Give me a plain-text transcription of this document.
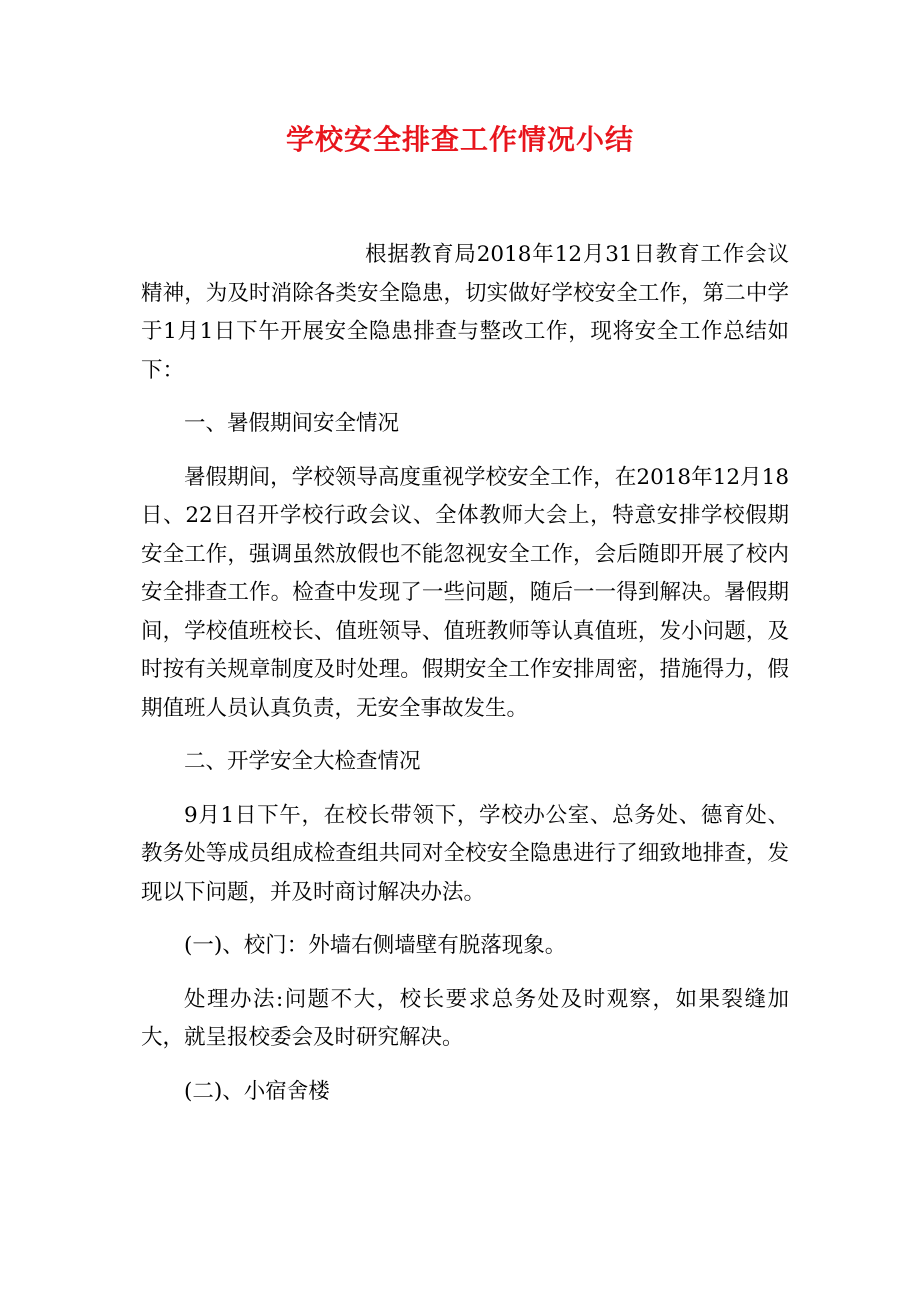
学校安全排查工作情况小结

根据教育局2018年12月31日教育工作会议精神，为及时消除各类安全隐患，切实做好学校安全工作，第二中学于1月1日下午开展安全隐患排查与整改工作，现将安全工作总结如下：

一、暑假期间安全情况

暑假期间，学校领导高度重视学校安全工作，在2018年12月18日、22日召开学校行政会议、全体教师大会上，特意安排学校假期安全工作，强调虽然放假也不能忽视安全工作，会后随即开展了校内安全排查工作。检查中发现了一些问题，随后一一得到解决。暑假期间，学校值班校长、值班领导、值班教师等认真值班，发小问题，及时按有关规章制度及时处理。假期安全工作安排周密，措施得力，假期值班人员认真负责，无安全事故发生。

二、开学安全大检查情况

9月1日下午，在校长带领下，学校办公室、总务处、德育处、教务处等成员组成检查组共同对全校安全隐患进行了细致地排查，发现以下问题，并及时商讨解决办法。

(一)、校门：外墙右侧墙壁有脱落现象。

处理办法:问题不大，校长要求总务处及时观察，如果裂缝加大，就呈报校委会及时研究解决。

(二)、小宿舍楼
